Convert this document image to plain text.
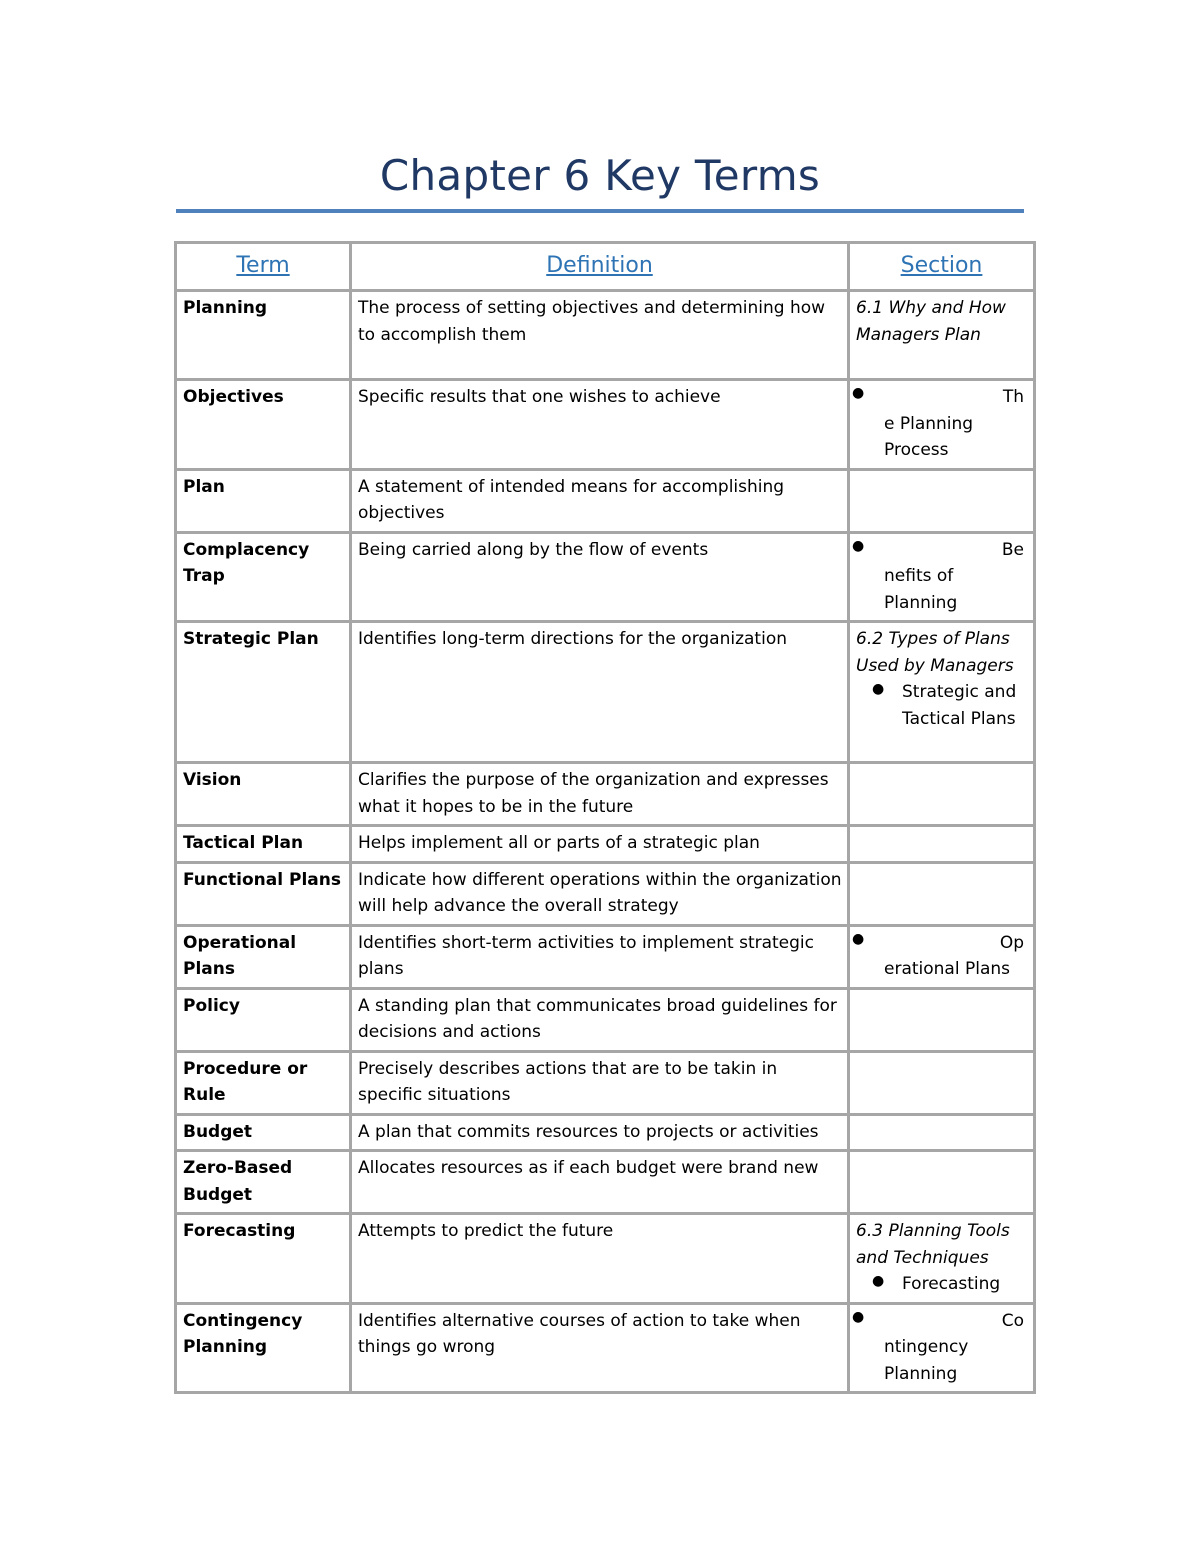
Chapter 6 Key Terms
Term	Definition	Section
Planning	The process of setting objectives and determining how to accomplish them	6.1 Why and How Managers Plan

Objectives	Specific results that one wishes to achieve	● Th
e Planning Process

Plan	A statement of intended means for accomplishing objectives	
Complacency Trap	Being carried along by the flow of events	● Be
nefits of Planning

Strategic Plan	Identifies long-term directions for the organization	6.2 Types of Plans Used by Managers
● Strategic and Tactical Plans

Vision	Clarifies the purpose of the organization and expresses what it hopes to be in the future	
Tactical Plan	Helps implement all or parts of a strategic plan	
Functional Plans	Indicate how different operations within the organization will help advance the overall strategy	
Operational Plans	Identifies short-term activities to implement strategic plans	● Op
erational Plans

Policy	A standing plan that communicates broad guidelines for decisions and actions	
Procedure or Rule	Precisely describes actions that are to be takin in specific situations	
Budget	A plan that commits resources to projects or activities	
Zero-Based Budget	Allocates resources as if each budget were brand new	
Forecasting	Attempts to predict the future	6.3 Planning Tools and Techniques
● Forecasting

Contingency Planning	Identifies alternative courses of action to take when things go wrong	● Co
ntingency Planning
